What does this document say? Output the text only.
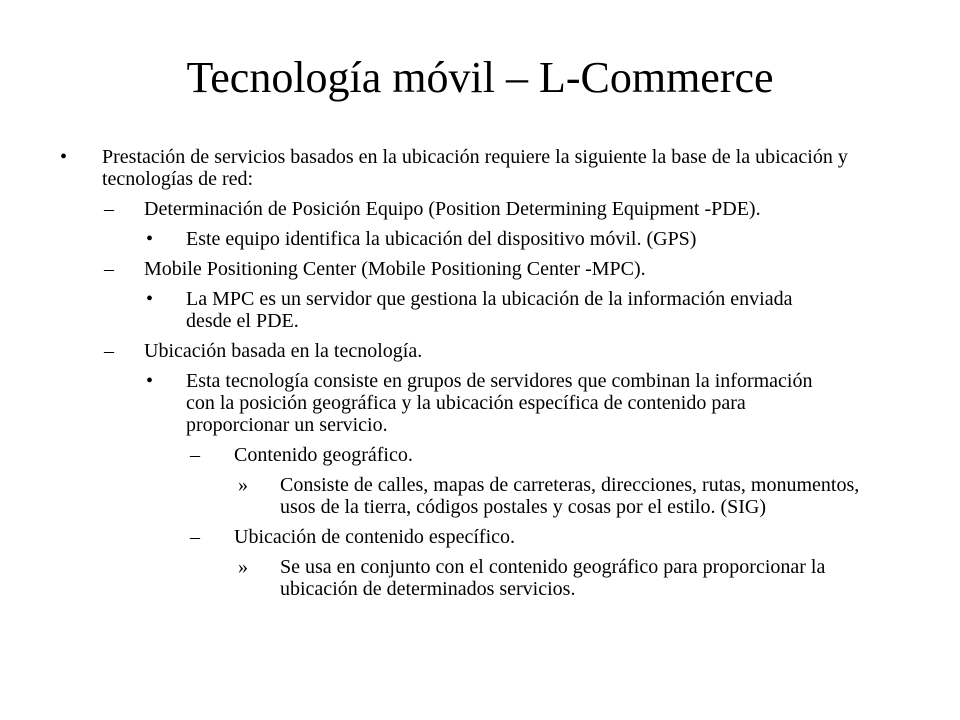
Tecnología móvil – L-Commerce
• Prestación de servicios basados en la ubicación requiere la siguiente la base de la ubicación y tecnologías de red:
– Determinación de Posición Equipo (Position Determining Equipment -PDE).
• Este equipo identifica la ubicación del dispositivo móvil. (GPS)
– Mobile Positioning Center (Mobile Positioning Center -MPC).
• La MPC es un servidor que gestiona la ubicación de la información enviada desde el PDE.
– Ubicación basada en la tecnología.
• Esta tecnología consiste en grupos de servidores que combinan la información con la posición geográfica y la ubicación específica de contenido para proporcionar un servicio.
– Contenido geográfico.
» Consiste de calles, mapas de carreteras, direcciones, rutas, monumentos, usos de la tierra, códigos postales y cosas por el estilo. (SIG)
– Ubicación de contenido específico.
» Se usa en conjunto con el contenido geográfico para proporcionar la ubicación de determinados servicios.
